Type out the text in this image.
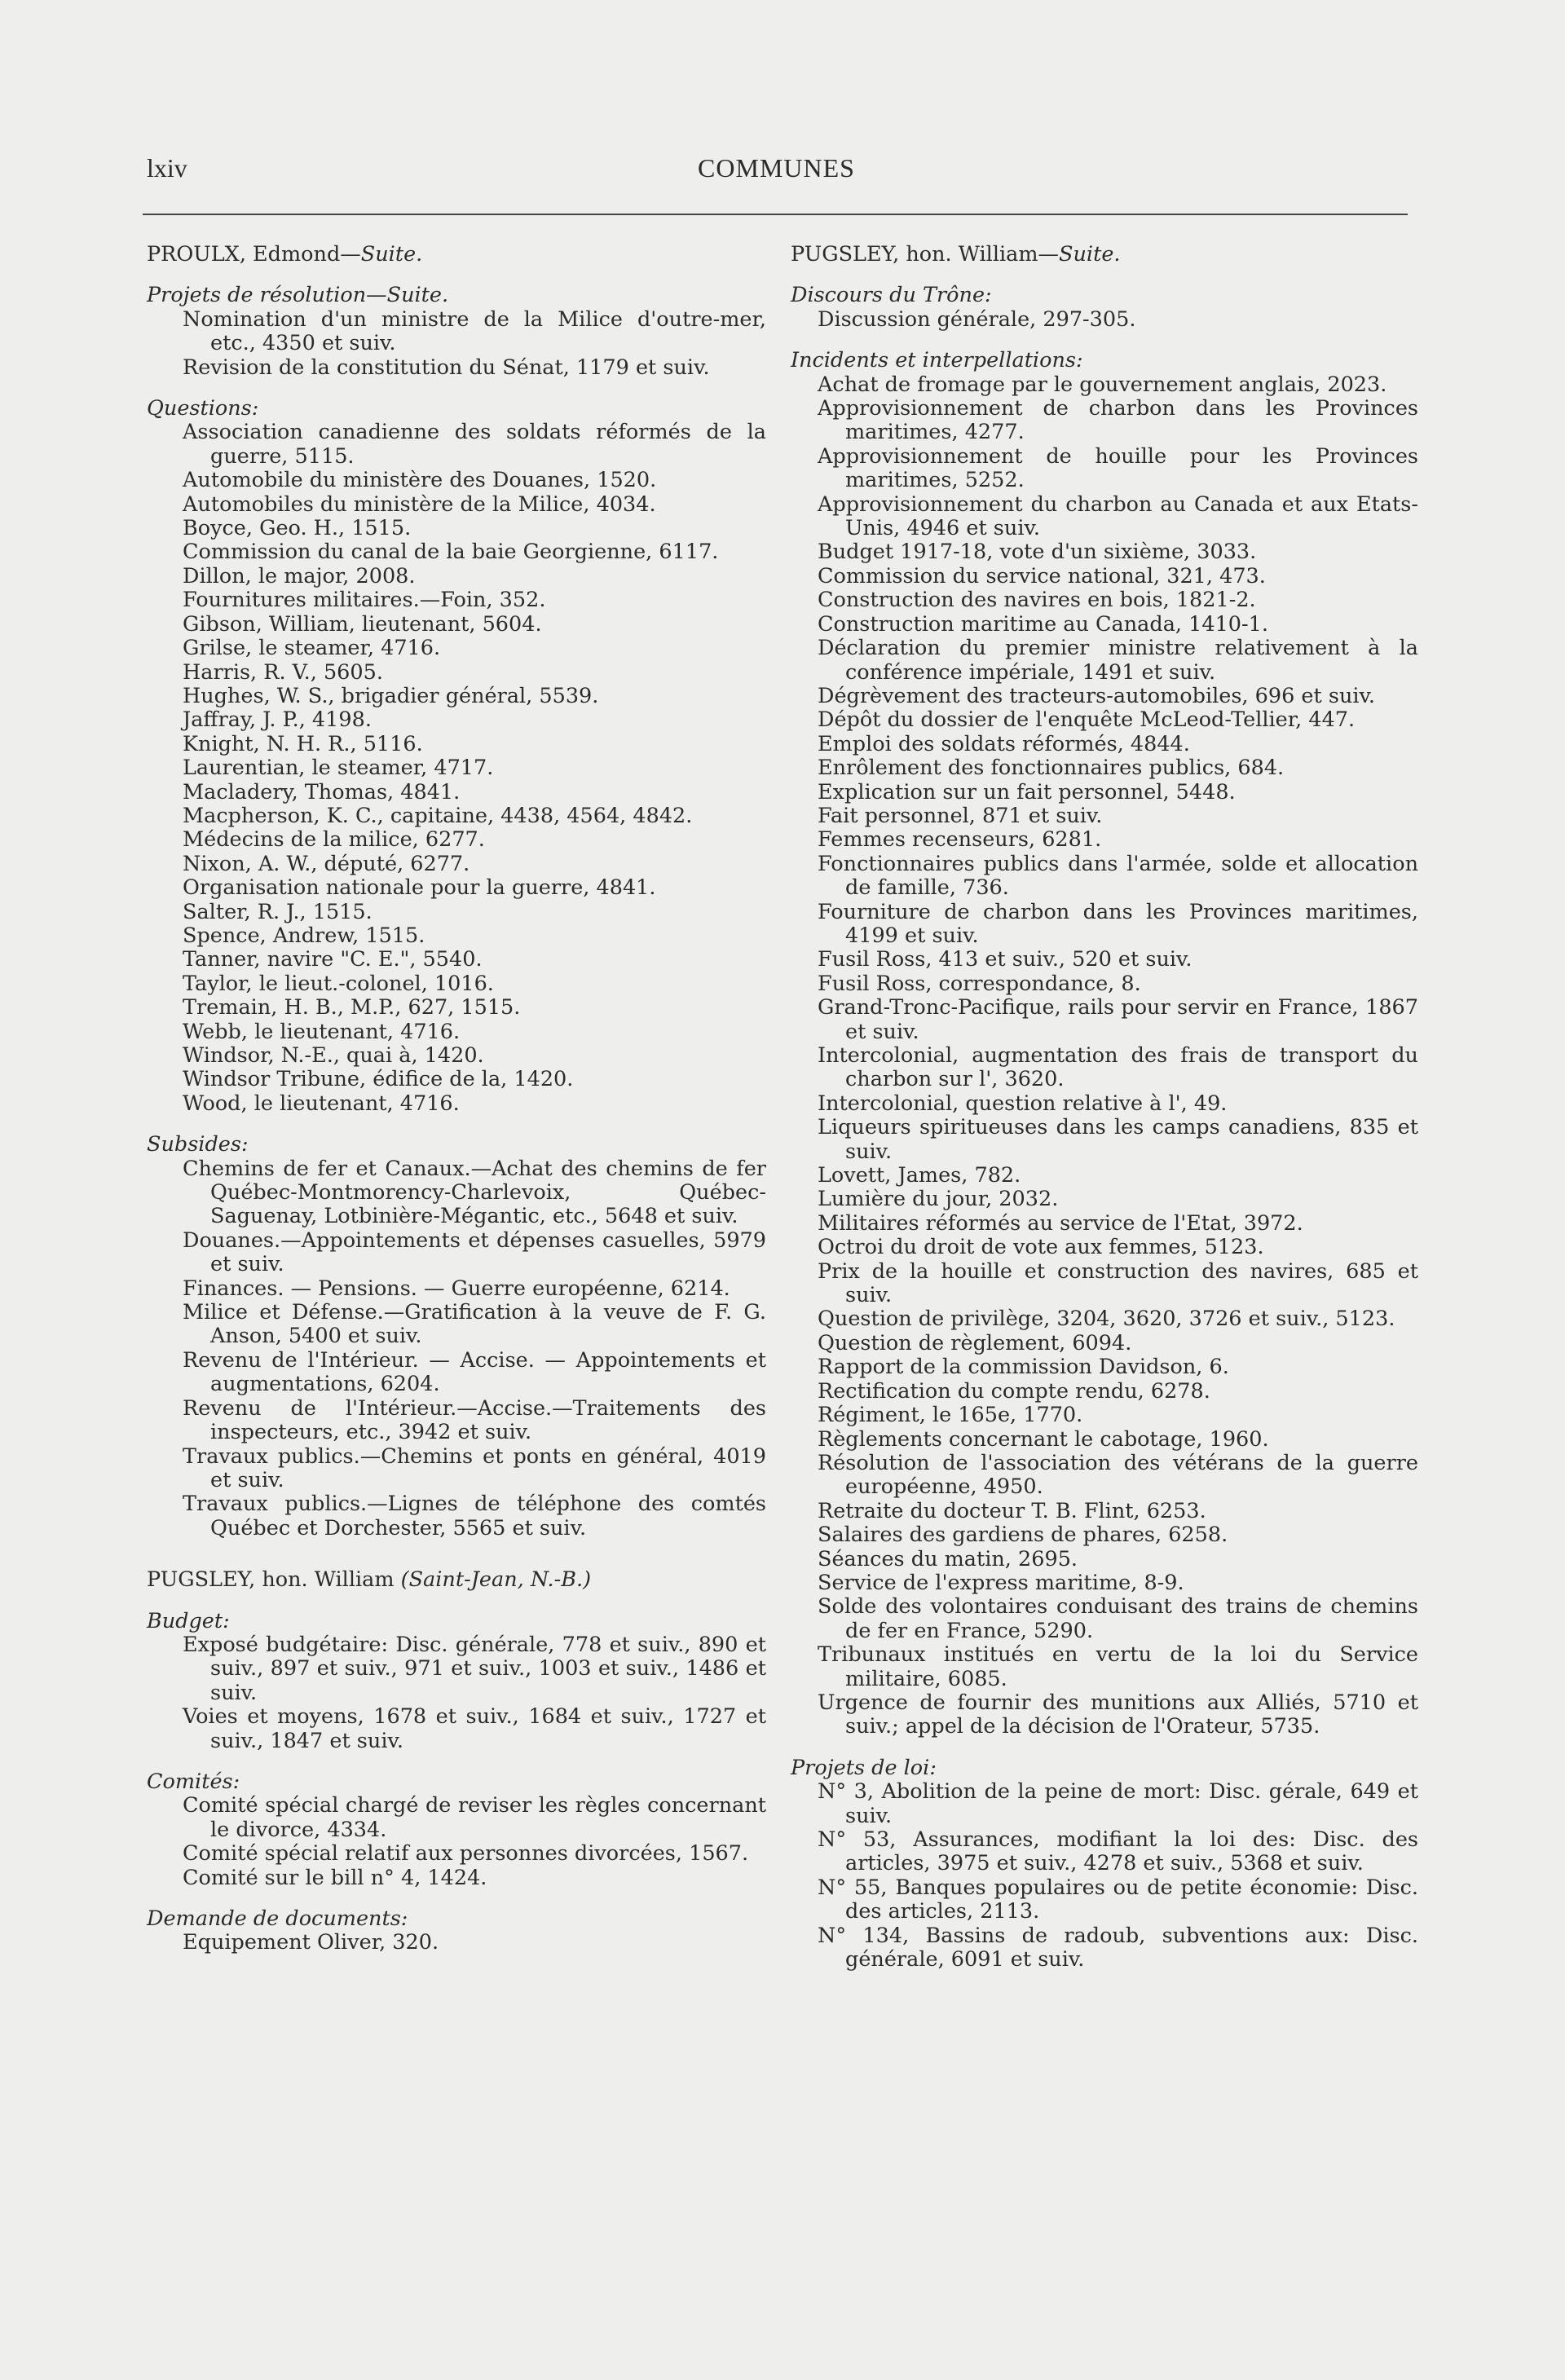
lxiv	COMMUNES

PROULX, Edmond—Suite.

Projets de résolution—Suite.

Nomination d'un ministre de la Milice d'outre-mer, etc., 4350 et suiv.
Revision de la constitution du Sénat, 1179 et suiv.

Questions:

Association canadienne des soldats réformés de la guerre, 5115.
Automobile du ministère des Douanes, 1520.
Automobiles du ministère de la Milice, 4034.
Boyce, Geo. H., 1515.
Commission du canal de la baie Georgienne, 6117.
Dillon, le major, 2008.
Fournitures militaires.—Foin, 352.
Gibson, William, lieutenant, 5604.
Grilse, le steamer, 4716.
Harris, R. V., 5605.
Hughes, W. S., brigadier général, 5539.
Jaffray, J. P., 4198.
Knight, N. H. R., 5116.
Laurentian, le steamer, 4717.
Macladery, Thomas, 4841.
Macpherson, K. C., capitaine, 4438, 4564, 4842.
Médecins de la milice, 6277.
Nixon, A. W., député, 6277.
Organisation nationale pour la guerre, 4841.
Salter, R. J., 1515.
Spence, Andrew, 1515.
Tanner, navire "C. E.", 5540.
Taylor, le lieut.-colonel, 1016.
Tremain, H. B., M.P., 627, 1515.
Webb, le lieutenant, 4716.
Windsor, N.-E., quai à, 1420.
Windsor Tribune, édifice de la, 1420.
Wood, le lieutenant, 4716.

Subsides:

Chemins de fer et Canaux.—Achat des chemins de fer Québec-Montmorency-Charlevoix, Québec-Saguenay, Lotbinière-Mégantic, etc., 5648 et suiv.
Douanes.—Appointements et dépenses casuelles, 5979 et suiv.
Finances. — Pensions. — Guerre européenne, 6214.
Milice et Défense.—Gratification à la veuve de F. G. Anson, 5400 et suiv.
Revenu de l'Intérieur. — Accise. — Appointements et augmentations, 6204.
Revenu de l'Intérieur.—Accise.—Traitements des inspecteurs, etc., 3942 et suiv.
Travaux publics.—Chemins et ponts en général, 4019 et suiv.
Travaux publics.—Lignes de téléphone des comtés Québec et Dorchester, 5565 et suiv.

PUGSLEY, hon. William (Saint-Jean, N.-B.)

Budget:

Exposé budgétaire: Disc. générale, 778 et suiv., 890 et suiv., 897 et suiv., 971 et suiv., 1003 et suiv., 1486 et suiv.
Voies et moyens, 1678 et suiv., 1684 et suiv., 1727 et suiv., 1847 et suiv.

Comités:

Comité spécial chargé de reviser les règles concernant le divorce, 4334.
Comité spécial relatif aux personnes divorcées, 1567.
Comité sur le bill n° 4, 1424.

Demande de documents:

Equipement Oliver, 320.

PUGSLEY, hon. William—Suite.

Discours du Trône:

Discussion générale, 297-305.

Incidents et interpellations:

Achat de fromage par le gouvernement anglais, 2023.
Approvisionnement de charbon dans les Provinces maritimes, 4277.
Approvisionnement de houille pour les Provinces maritimes, 5252.
Approvisionnement du charbon au Canada et aux Etats-Unis, 4946 et suiv.
Budget 1917-18, vote d'un sixième, 3033.
Commission du service national, 321, 473.
Construction des navires en bois, 1821-2.
Construction maritime au Canada, 1410-1.
Déclaration du premier ministre relativement à la conférence impériale, 1491 et suiv.
Dégrèvement des tracteurs-automobiles, 696 et suiv.
Dépôt du dossier de l'enquête McLeod-Tellier, 447.
Emploi des soldats réformés, 4844.
Enrôlement des fonctionnaires publics, 684.
Explication sur un fait personnel, 5448.
Fait personnel, 871 et suiv.
Femmes recenseurs, 6281.
Fonctionnaires publics dans l'armée, solde et allocation de famille, 736.
Fourniture de charbon dans les Provinces maritimes, 4199 et suiv.
Fusil Ross, 413 et suiv., 520 et suiv.
Fusil Ross, correspondance, 8.
Grand-Tronc-Pacifique, rails pour servir en France, 1867 et suiv.
Intercolonial, augmentation des frais de transport du charbon sur l', 3620.
Intercolonial, question relative à l', 49.
Liqueurs spiritueuses dans les camps canadiens, 835 et suiv.
Lovett, James, 782.
Lumière du jour, 2032.
Militaires réformés au service de l'Etat, 3972.
Octroi du droit de vote aux femmes, 5123.
Prix de la houille et construction des navires, 685 et suiv.
Question de privilège, 3204, 3620, 3726 et suiv., 5123.
Question de règlement, 6094.
Rapport de la commission Davidson, 6.
Rectification du compte rendu, 6278.
Régiment, le 165e, 1770.
Règlements concernant le cabotage, 1960.
Résolution de l'association des vétérans de la guerre européenne, 4950.
Retraite du docteur T. B. Flint, 6253.
Salaires des gardiens de phares, 6258.
Séances du matin, 2695.
Service de l'express maritime, 8-9.
Solde des volontaires conduisant des trains de chemins de fer en France, 5290.
Tribunaux institués en vertu de la loi du Service militaire, 6085.
Urgence de fournir des munitions aux Alliés, 5710 et suiv.; appel de la décision de l'Orateur, 5735.

Projets de loi:

N° 3, Abolition de la peine de mort: Disc. gérale, 649 et suiv.
N° 53, Assurances, modifiant la loi des: Disc. des articles, 3975 et suiv., 4278 et suiv., 5368 et suiv.
N° 55, Banques populaires ou de petite économie: Disc. des articles, 2113.
N° 134, Bassins de radoub, subventions aux: Disc. générale, 6091 et suiv.
